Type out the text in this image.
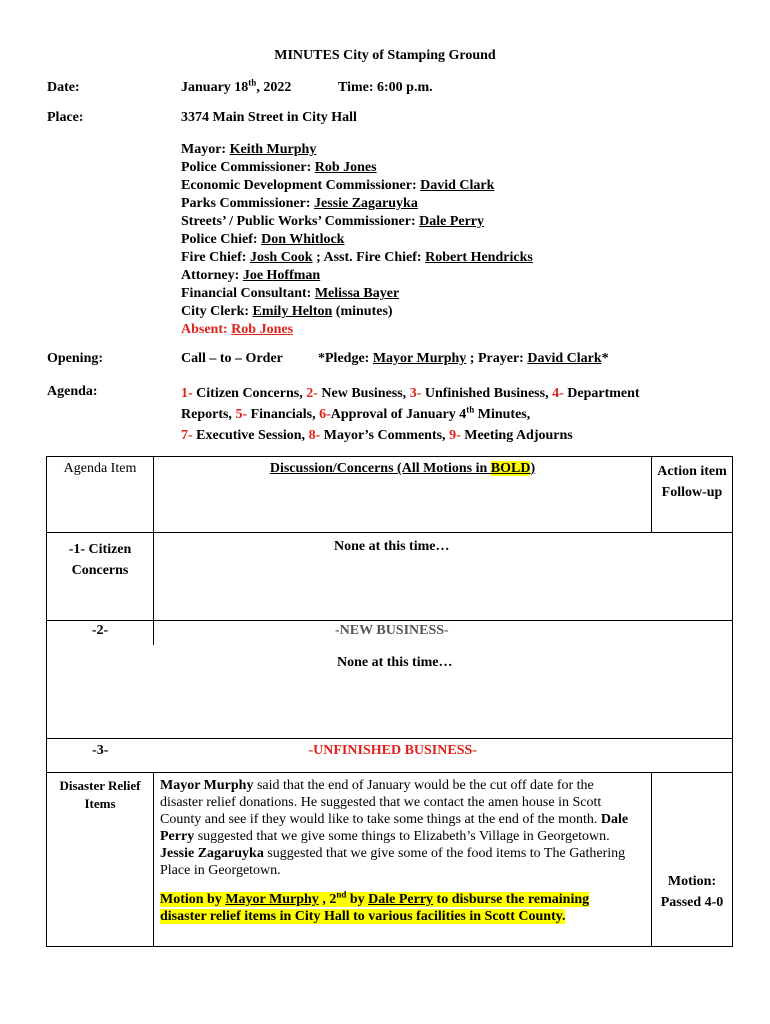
MINUTES City of Stamping Ground
Date:	January 18th, 2022	Time: 6:00 p.m.
Place:	3374 Main Street in City Hall
Mayor: Keith Murphy
Police Commissioner: Rob Jones
Economic Development Commissioner: David Clark
Parks Commissioner: Jessie Zagaruyka
Streets’ / Public Works’ Commissioner: Dale Perry
Police Chief: Don Whitlock
Fire Chief: Josh Cook ; Asst. Fire Chief: Robert Hendricks
Attorney: Joe Hoffman
Financial Consultant: Melissa Bayer
City Clerk: Emily Helton (minutes)
Absent: Rob Jones
Opening:	Call – to – Order	*Pledge: Mayor Murphy ; Prayer: David Clark*
Agenda:	1- Citizen Concerns, 2- New Business, 3- Unfinished Business, 4- Department
Reports, 5- Financials, 6-Approval of January 4th Minutes,
7- Executive Session, 8- Mayor’s Comments, 9- Meeting Adjourns
Agenda Item	Discussion/Concerns (All Motions in BOLD)	Action item Follow-up
-1- Citizen Concerns	None at this time…	
-2-	-NEW BUSINESS-	
None at this time…		
-3-	-UNFINISHED BUSINESS-	
Disaster Relief Items	Mayor Murphy said that the end of January would be the cut off date for the disaster relief donations. He suggested that we contact the amen house in Scott County and see if they would like to take some things at the end of the month. Dale Perry suggested that we give some things to Elizabeth’s Village in Georgetown. Jessie Zagaruyka suggested that we give some of the food items to The Gathering Place in Georgetown.
Motion by Mayor Murphy , 2nd by Dale Perry to disburse the remaining disaster relief items in City Hall to various facilities in Scott County.	Motion: Passed 4-0
